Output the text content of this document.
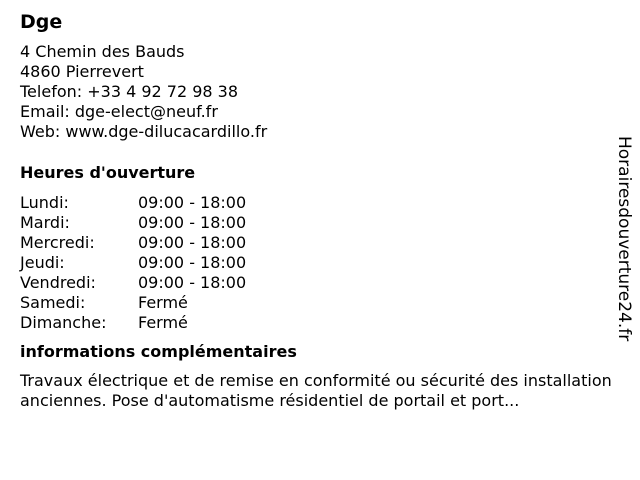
Dge
4 Chemin des Bauds
4860 Pierrevert
Telefon: +33 4 92 72 98 38
Email: dge-elect@neuf.fr
Web: www.dge-dilucacardillo.fr
Heures d'ouverture
Lundi:	09:00 - 18:00
Mardi:	09:00 - 18:00
Mercredi:	09:00 - 18:00
Jeudi:	09:00 - 18:00
Vendredi:	09:00 - 18:00
Samedi:	Fermé
Dimanche:	Fermé
informations complémentaires
Travaux électrique et de remise en conformité ou sécurité des installation anciennes. Pose d'automatisme résidentiel de portail et port...
Horairesdouverture24.fr
